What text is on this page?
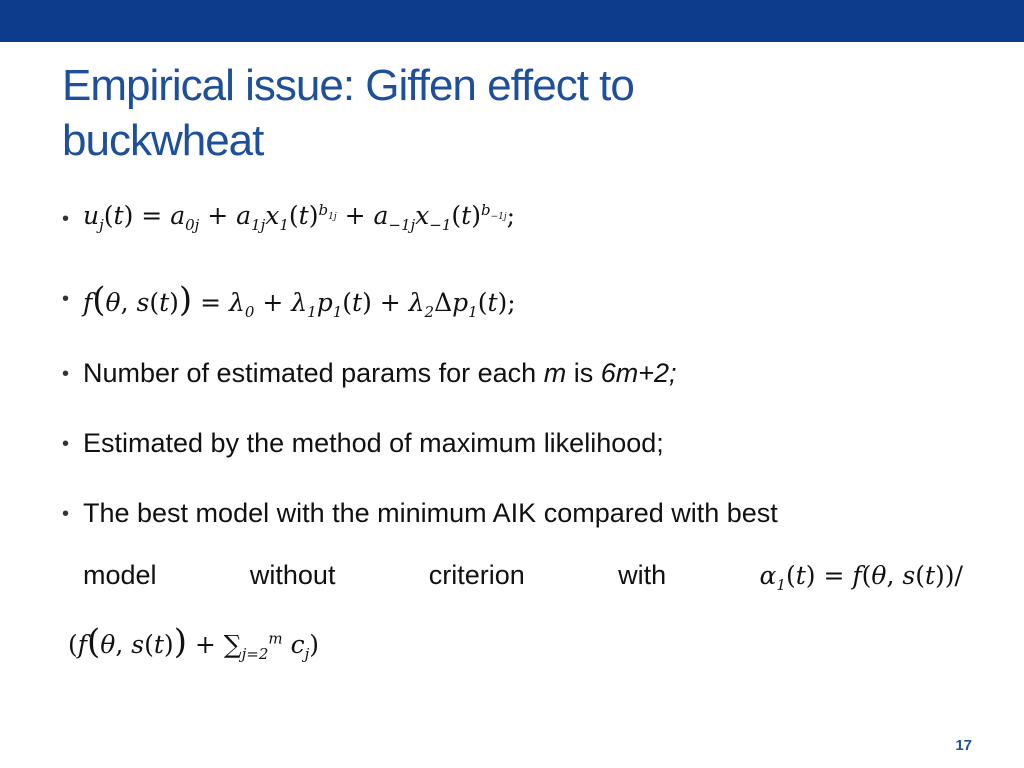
Empirical issue: Giffen effect to
buckwheat
• $u_j(t) = a_{0j} + a_{1j}x_1(t)^{b_{1j}} + a_{-1j}x_{-1}(t)^{b_{-1j}}$;
• f(θ, $s(t)) = \lambda_0 + \lambda_1p_1(t) + \lambda_2\Delta p_1(t)$;
• Number of estimated params for each m is 6m+2;
• Estimated by the method of maximum likelihood;
• The best model with the minimum AIK compared with best
model	without	criterion	with	$\alpha_1(t) = f(\theta$, s(t))/
(f(θ, $s(t)) + \sum_{j=2}^m$ $c_j$)
17
